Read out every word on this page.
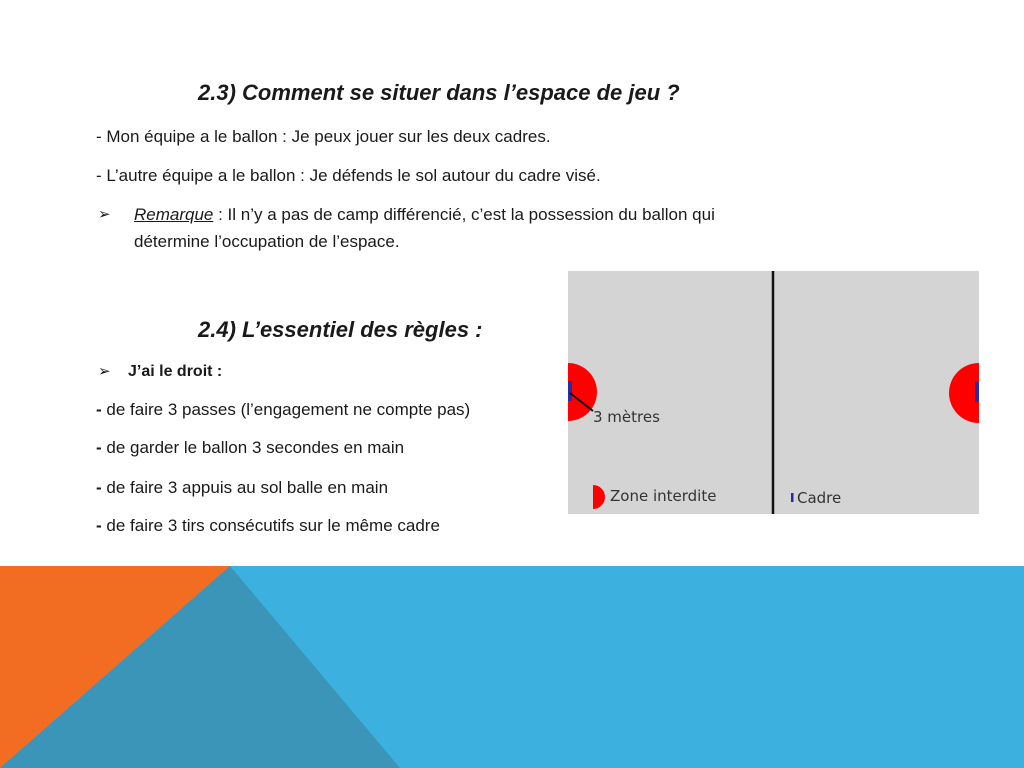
2.3) Comment se situer dans l’espace de jeu ?
- Mon équipe a le ballon : Je peux jouer sur les deux cadres.
- L’autre équipe a le ballon : Je défends le sol autour du cadre visé.
➢ Remarque : Il n’y a pas de camp différencié, c’est la possession du ballon qui
détermine l’occupation de l’espace.
2.4) L’essentiel des règles :
➢ J’ai le droit :
- de faire 3 passes (l’engagement ne compte pas)
- de garder le ballon 3 secondes en main
- de faire 3 appuis au sol balle en main
- de faire 3 tirs consécutifs sur le même cadre
3 mètres
Zone interdite	Cadre
